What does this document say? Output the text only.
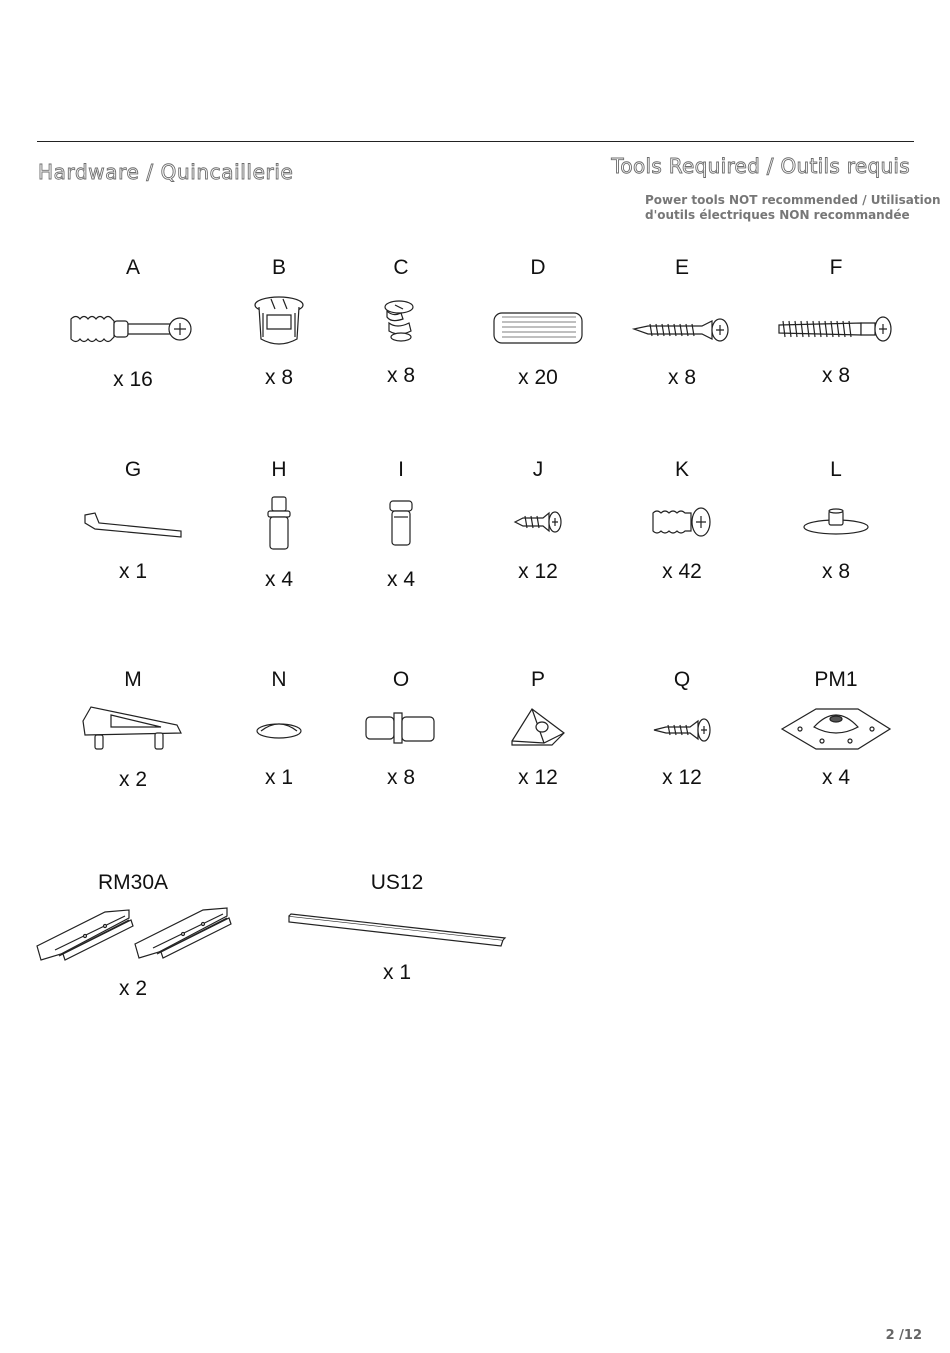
Hardware / Quincaillerie	Tools Required / Outils requis
Power tools NOT recommended / Utilisation
d'outils électriques NON recommandée
A
x 16
B
x 8
C
x 8
D
x 20
E
x 8
F
x 8
G
x 1
H
x 4
I
x 4
J
x 12
K
x 42
L
x 8
M
x 2
N
x 1
O
x 8
P
x 12
Q
x 12
PM1
x 4
RM30A
x 2
US12
x 1
2 /12
